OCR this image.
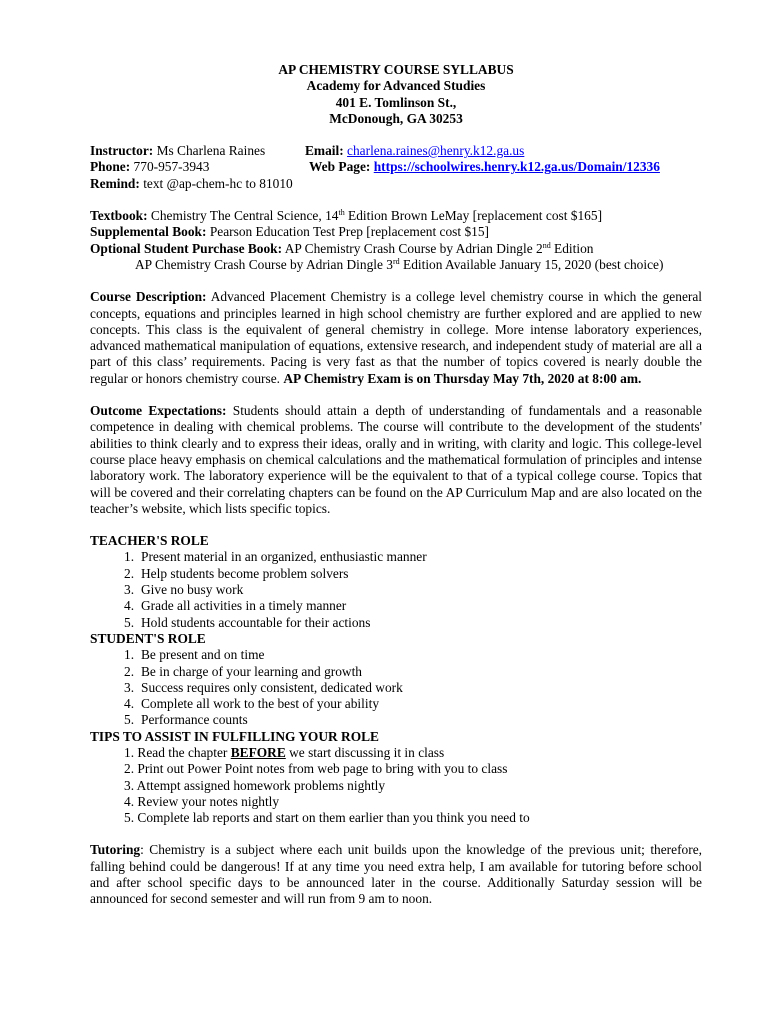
AP CHEMISTRY COURSE SYLLABUS
Academy for Advanced Studies
401 E. Tomlinson St.,
McDonough, GA 30253
Instructor: Ms Charlena Raines	Email: charlena.raines@henry.k12.ga.us
Phone: 770-957-3943	Web Page: https://schoolwires.henry.k12.ga.us/Domain/12336
Remind: text @ap-chem-hc to 81010
Textbook: Chemistry The Central Science, 14th Edition Brown LeMay [replacement cost $165]
Supplemental Book: Pearson Education Test Prep [replacement cost $15]
Optional Student Purchase Book: AP Chemistry Crash Course by Adrian Dingle 2nd Edition
AP Chemistry Crash Course by Adrian Dingle 3rd Edition Available January 15, 2020 (best choice)

Course Description: Advanced Placement Chemistry is a college level chemistry course in which the general concepts, equations and principles learned in high school chemistry are further explored and are applied to new concepts. This class is the equivalent of general chemistry in college. More intense laboratory experiences, advanced mathematical manipulation of equations, extensive research, and independent study of material are all a part of this class’ requirements. Pacing is very fast as that the number of topics covered is nearly double the regular or honors chemistry course. AP Chemistry Exam is on Thursday May 7th, 2020 at 8:00 am.

Outcome Expectations: Students should attain a depth of understanding of fundamentals and a reasonable competence in dealing with chemical problems. The course will contribute to the development of the students' abilities to think clearly and to express their ideas, orally and in writing, with clarity and logic. This college-level course place heavy emphasis on chemical calculations and the mathematical formulation of principles and intense laboratory work. The laboratory experience will be the equivalent to that of a typical college course. Topics that will be covered and their correlating chapters can be found on the AP Curriculum Map and are also located on the teacher’s website, which lists specific topics.

TEACHER'S ROLE
1. Present material in an organized, enthusiastic manner
2. Help students become problem solvers
3. Give no busy work
4. Grade all activities in a timely manner
5. Hold students accountable for their actions
STUDENT'S ROLE
1. Be present and on time
2. Be in charge of your learning and growth
3. Success requires only consistent, dedicated work
4. Complete all work to the best of your ability
5. Performance counts
TIPS TO ASSIST IN FULFILLING YOUR ROLE
1. Read the chapter BEFORE we start discussing it in class
2. Print out Power Point notes from web page to bring with you to class
3. Attempt assigned homework problems nightly
4. Review your notes nightly
5. Complete lab reports and start on them earlier than you think you need to

Tutoring: Chemistry is a subject where each unit builds upon the knowledge of the previous unit; therefore, falling behind could be dangerous! If at any time you need extra help, I am available for tutoring before school and after school specific days to be announced later in the course. Additionally Saturday session will be announced for second semester and will run from 9 am to noon.
